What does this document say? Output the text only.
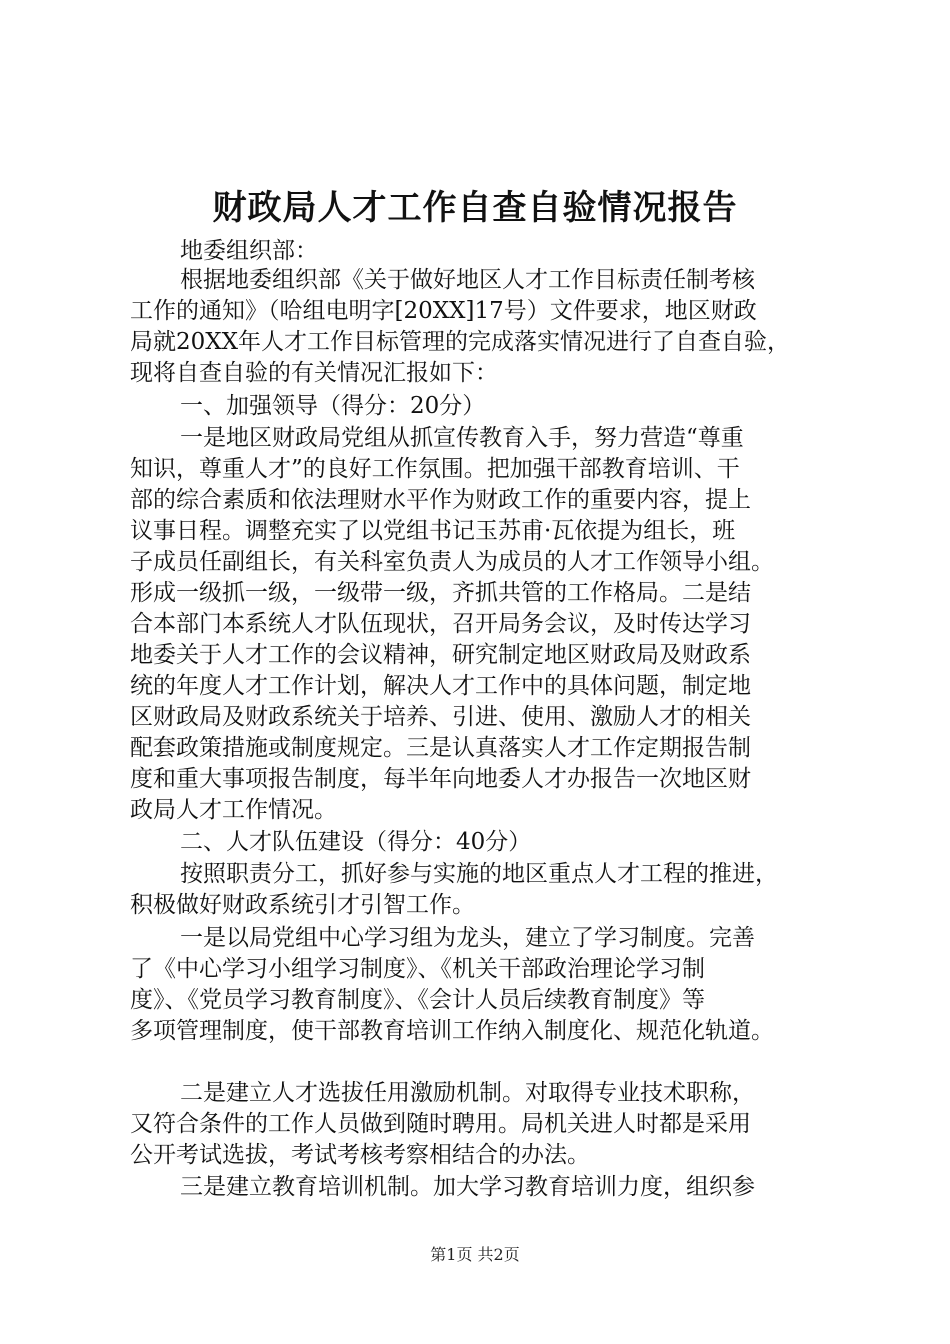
财政局人才工作自查自验情况报告
地委组织部：
根据地委组织部《关于做好地区人才工作目标责任制考核
工作的通知》（哈组电明字[20XX]17号）文件要求，地区财政
局就20XX年人才工作目标管理的完成落实情况进行了自查自验，
现将自查自验的有关情况汇报如下：
一、加强领导（得分：20分）
一是地区财政局党组从抓宣传教育入手，努力营造“尊重
知识，尊重人才”的良好工作氛围。把加强干部教育培训、干
部的综合素质和依法理财水平作为财政工作的重要内容，提上
议事日程。调整充实了以党组书记玉苏甫·瓦依提为组长，班
子成员任副组长，有关科室负责人为成员的人才工作领导小组。
形成一级抓一级，一级带一级，齐抓共管的工作格局。二是结
合本部门本系统人才队伍现状，召开局务会议，及时传达学习
地委关于人才工作的会议精神，研究制定地区财政局及财政系
统的年度人才工作计划，解决人才工作中的具体问题，制定地
区财政局及财政系统关于培养、引进、使用、激励人才的相关
配套政策措施或制度规定。三是认真落实人才工作定期报告制
度和重大事项报告制度，每半年向地委人才办报告一次地区财
政局人才工作情况。
二、人才队伍建设（得分：40分）
按照职责分工，抓好参与实施的地区重点人才工程的推进，
积极做好财政系统引才引智工作。
一是以局党组中心学习组为龙头，建立了学习制度。完善
了《中心学习小组学习制度》、《机关干部政治理论学习制
度》、《党员学习教育制度》、《会计人员后续教育制度》等
多项管理制度，使干部教育培训工作纳入制度化、规范化轨道。
二是建立人才选拔任用激励机制。对取得专业技术职称，
又符合条件的工作人员做到随时聘用。局机关进人时都是采用
公开考试选拔，考试考核考察相结合的办法。
三是建立教育培训机制。加大学习教育培训力度，组织参
第1页 共2页
